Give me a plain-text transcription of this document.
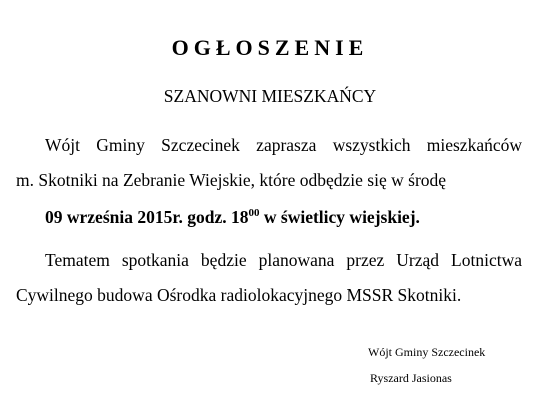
OGŁOSZENIE
SZANOWNI MIESZKAŃCY
Wójt Gminy Szczecinek zaprasza wszystkich mieszkańców
m. Skotniki na Zebranie Wiejskie, które odbędzie się w środę
09 września 2015r. godz. $18^{00}$ w świetlicy wiejskiej.
Tematem spotkania będzie planowana przez Urząd Lotnictwa
Cywilnego budowa Ośrodka radiolokacyjnego MSSR Skotniki.
Wójt Gminy Szczecinek
Ryszard Jasionas
